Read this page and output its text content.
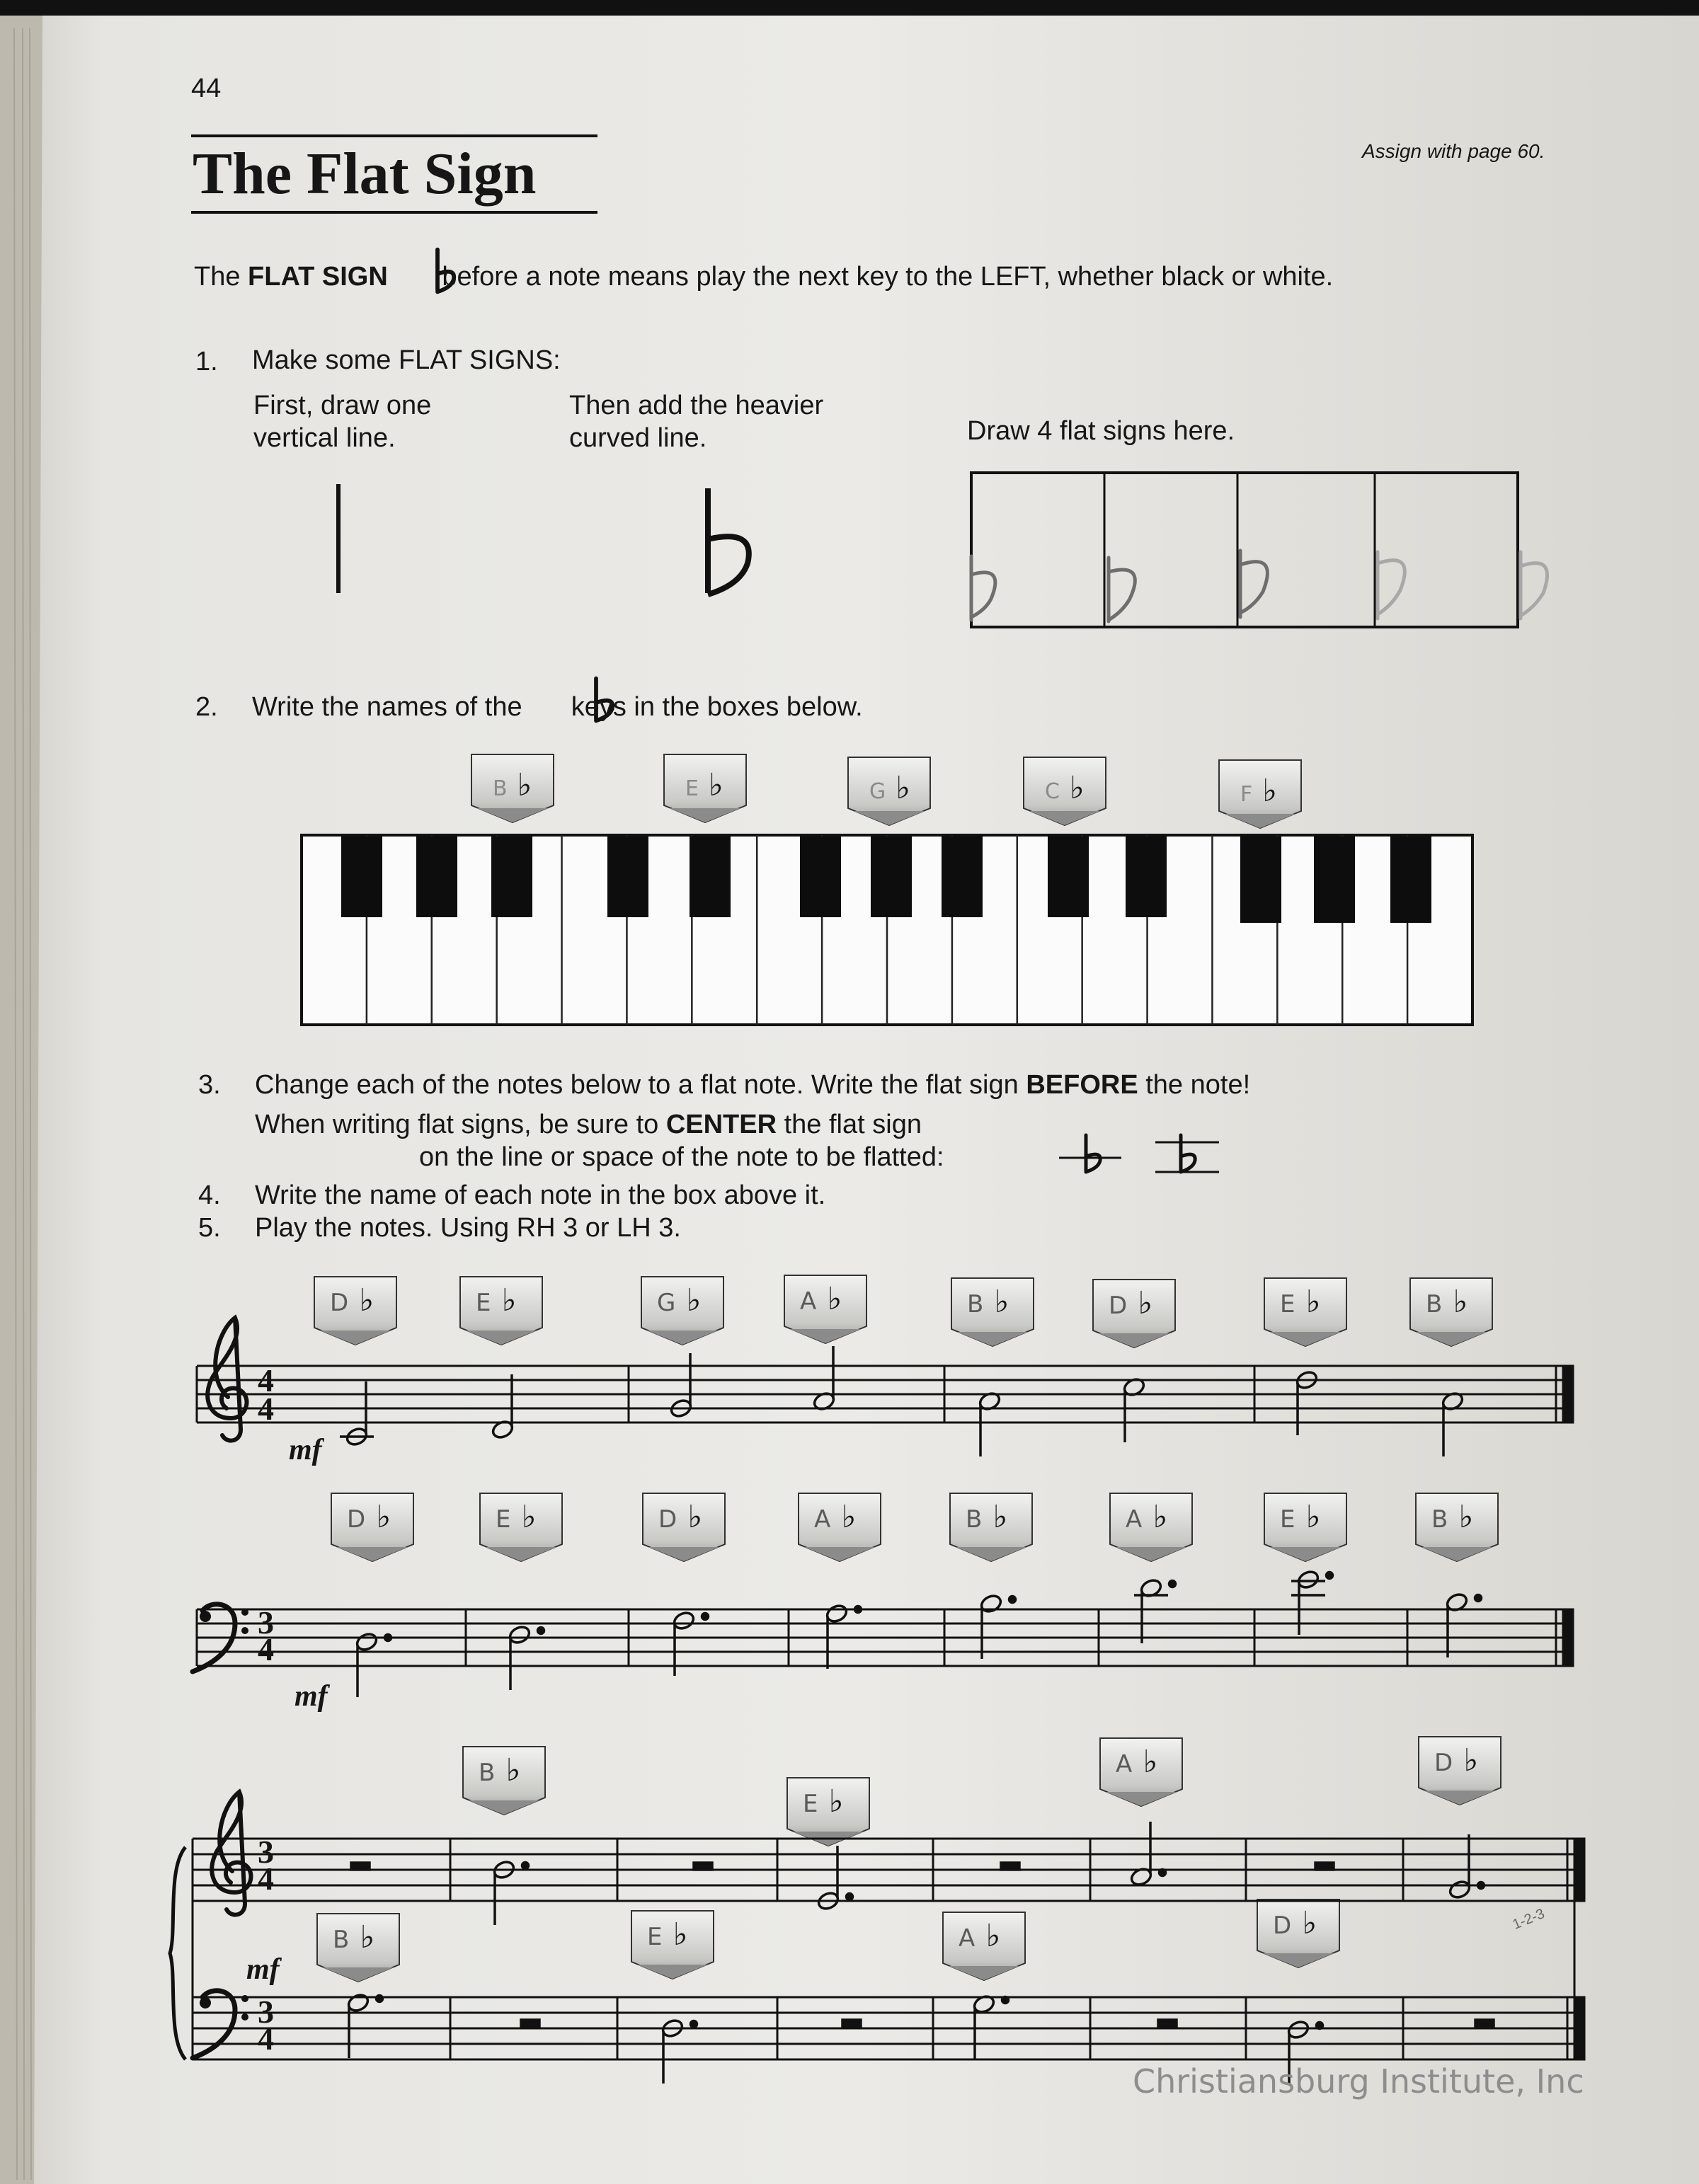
44
The Flat Sign	Assign with page 60.
The FLAT SIGN before a note means play the next key to the LEFT, whether black or white.
1. Make some FLAT SIGNS:
First, draw one
vertical line.
Then add the heavier
curved line.	Draw 4 flat signs here.
2. Write the names of the  keys in the boxes below.
B ♭	E ♭	G ♭	C ♭	F ♭
3. Change each of the notes below to a flat note. Write the flat sign BEFORE the note!
When writing flat signs, be sure to CENTER the flat sign
on the line or space of the note to be flatted:
4. Write the name of each note in the box above it.
5. Play the notes. Using RH 3 or LH 3.
4
4
mf
D ♭	E ♭	G ♭	A ♭	B ♭	D ♭	E ♭	B ♭
3
4
mf
D ♭	E ♭	D ♭	A ♭	B ♭	A ♭	E ♭	B ♭
3
4
3
4
mf
B ♭
E ♭
A ♭	D ♭
B ♭	E ♭	A ♭	D ♭	1-2-3
Christiansburg Institute, Inc
